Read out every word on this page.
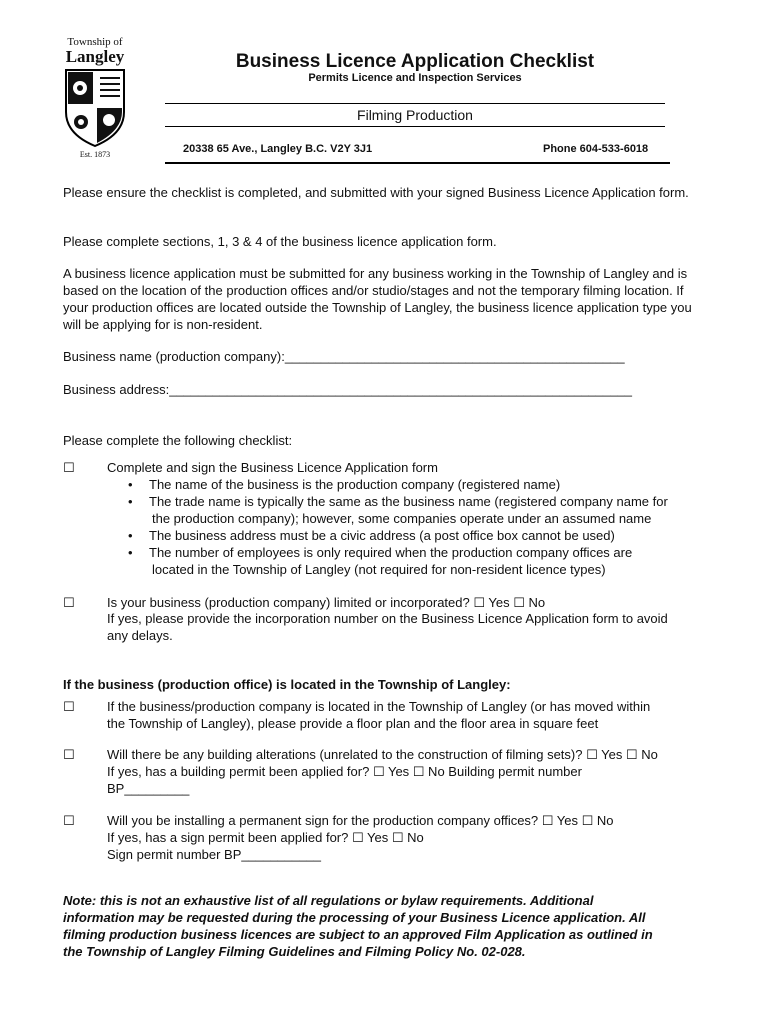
Township of
Langley
Est. 1873
Business Licence Application Checklist
Permits Licence and Inspection Services
Filming Production
20338 65 Ave., Langley B.C. V2Y 3J1	Phone 604-533-6018
Please ensure the checklist is completed, and submitted with your signed Business Licence Application form.
Please complete sections, 1, 3 & 4 of the business licence application form.
A business licence application must be submitted for any business working in the Township of Langley and is based on the location of the production offices and/or studio/stages and not the temporary filming location. If your production offices are located outside the Township of Langley, the business licence application type you will be applying for is non-resident.
Business name (production company):_______________________________________________
Business address:________________________________________________________________
Please complete the following checklist:
☐ Complete and sign the Business Licence Application form
• The name of the business is the production company (registered name)
• The trade name is typically the same as the business name (registered company name for
the production company); however, some companies operate under an assumed name
• The business address must be a civic address (a post office box cannot be used)
• The number of employees is only required when the production company offices are
located in the Township of Langley (not required for non-resident licence types)
☐ Is your business (production company) limited or incorporated? ☐ Yes ☐ No
If yes, please provide the incorporation number on the Business Licence Application form to avoid
any delays.
If the business (production office) is located in the Township of Langley:
☐ If the business/production company is located in the Township of Langley (or has moved within
the Township of Langley), please provide a floor plan and the floor area in square feet
☐ Will there be any building alterations (unrelated to the construction of filming sets)? ☐ Yes ☐ No
If yes, has a building permit been applied for? ☐ Yes ☐ No Building permit number
BP_________
☐ Will you be installing a permanent sign for the production company offices? ☐ Yes ☐ No
If yes, has a sign permit been applied for? ☐ Yes ☐ No
Sign permit number BP___________
Note: this is not an exhaustive list of all regulations or bylaw requirements. Additional
information may be requested during the processing of your Business Licence application. All
filming production business licences are subject to an approved Film Application as outlined in
the Township of Langley Filming Guidelines and Filming Policy No. 02-028.
